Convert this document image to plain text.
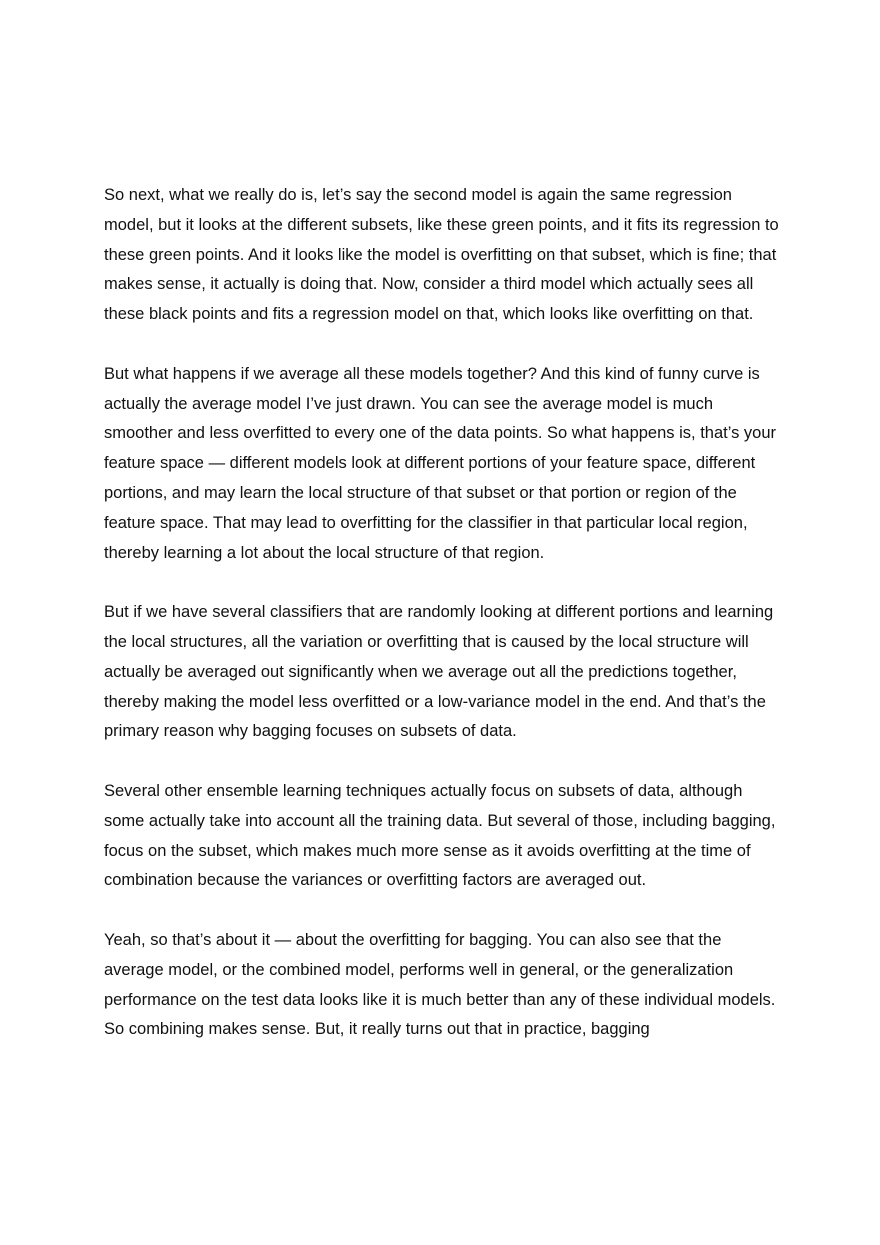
So next, what we really do is, let’s say the second model is again the same regression model, but it looks at the different subsets, like these green points, and it fits its regression to these green points. And it looks like the model is overfitting on that subset, which is fine; that makes sense, it actually is doing that. Now, consider a third model which actually sees all these black points and fits a regression model on that, which looks like overfitting on that.

But what happens if we average all these models together? And this kind of funny curve is actually the average model I’ve just drawn. You can see the average model is much smoother and less overfitted to every one of the data points. So what happens is, that’s your feature space — different models look at different portions of your feature space, different portions, and may learn the local structure of that subset or that portion or region of the feature space. That may lead to overfitting for the classifier in that particular local region, thereby learning a lot about the local structure of that region.

But if we have several classifiers that are randomly looking at different portions and learning the local structures, all the variation or overfitting that is caused by the local structure will actually be averaged out significantly when we average out all the predictions together, thereby making the model less overfitted or a low-variance model in the end. And that’s the primary reason why bagging focuses on subsets of data.

Several other ensemble learning techniques actually focus on subsets of data, although some actually take into account all the training data. But several of those, including bagging, focus on the subset, which makes much more sense as it avoids overfitting at the time of combination because the variances or overfitting factors are averaged out.

Yeah, so that’s about it — about the overfitting for bagging. You can also see that the average model, or the combined model, performs well in general, or the generalization performance on the test data looks like it is much better than any of these individual models. So combining makes sense. But, it really turns out that in practice, bagging
